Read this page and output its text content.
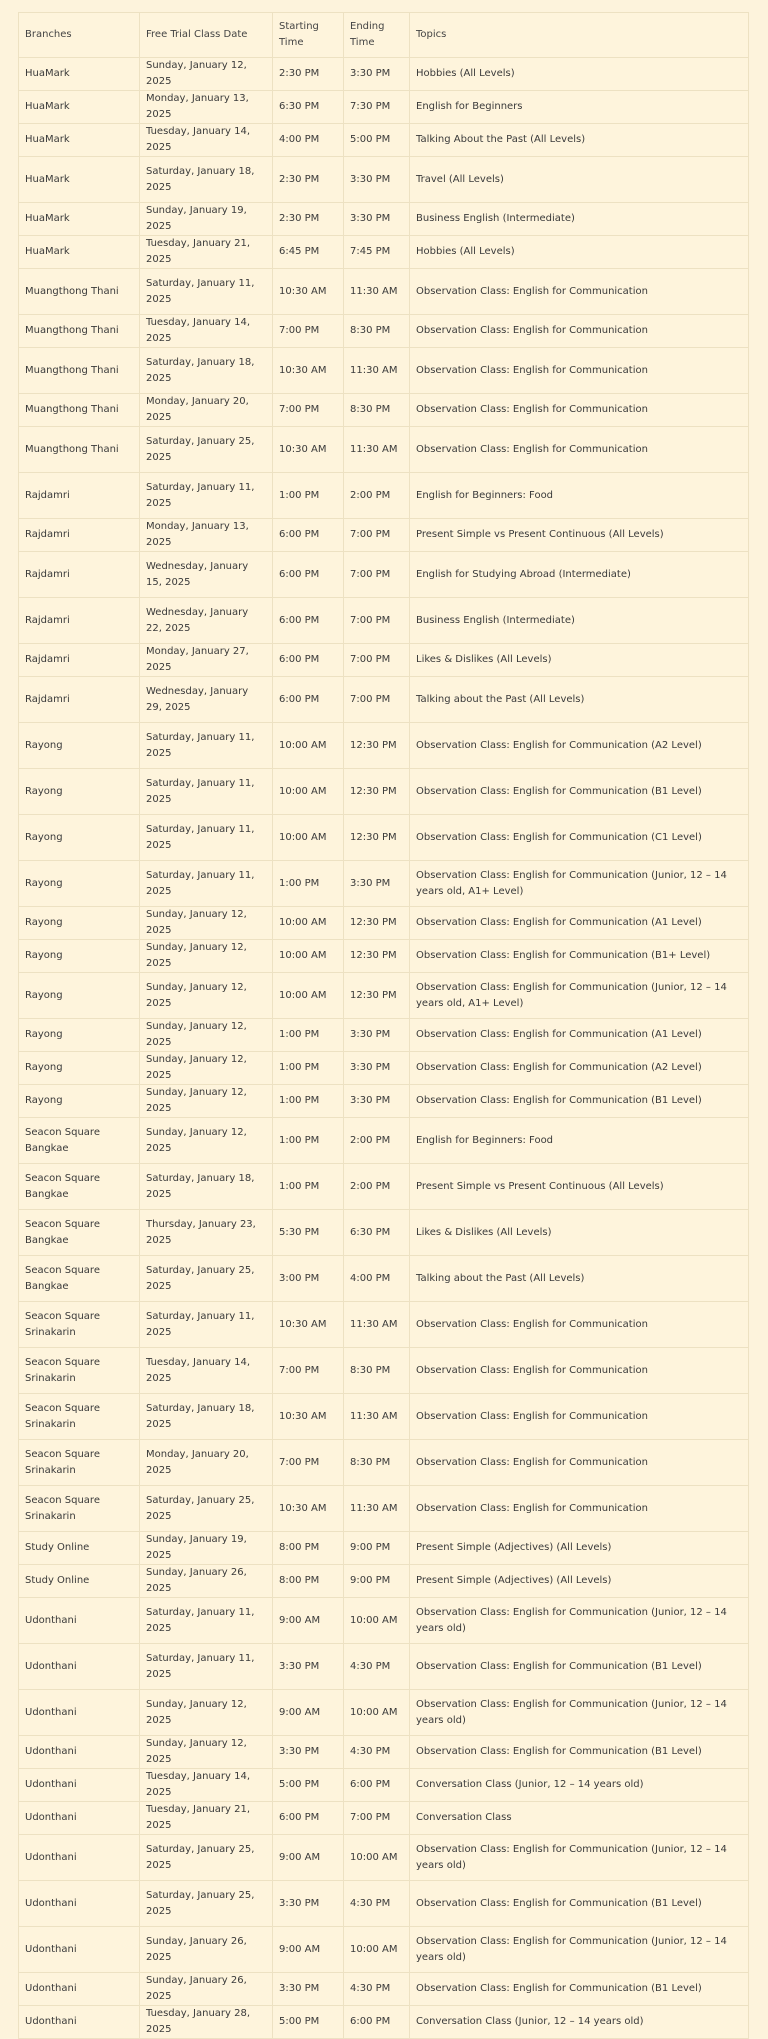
Branches	Free Trial Class Date	Starting Time	Ending Time	Topics
HuaMark	Sunday, January 12, 2025	2:30 PM	3:30 PM	Hobbies (All Levels)
HuaMark	Monday, January 13, 2025	6:30 PM	7:30 PM	English for Beginners
HuaMark	Tuesday, January 14, 2025	4:00 PM	5:00 PM	Talking About the Past (All Levels)
HuaMark	Saturday, January 18, 2025	2:30 PM	3:30 PM	Travel (All Levels)
HuaMark	Sunday, January 19, 2025	2:30 PM	3:30 PM	Business English (Intermediate)
HuaMark	Tuesday, January 21, 2025	6:45 PM	7:45 PM	Hobbies (All Levels)
Muangthong Thani	Saturday, January 11, 2025	10:30 AM	11:30 AM	Observation Class: English for Communication
Muangthong Thani	Tuesday, January 14, 2025	7:00 PM	8:30 PM	Observation Class: English for Communication
Muangthong Thani	Saturday, January 18, 2025	10:30 AM	11:30 AM	Observation Class: English for Communication
Muangthong Thani	Monday, January 20, 2025	7:00 PM	8:30 PM	Observation Class: English for Communication
Muangthong Thani	Saturday, January 25, 2025	10:30 AM	11:30 AM	Observation Class: English for Communication
Rajdamri	Saturday, January 11, 2025	1:00 PM	2:00 PM	English for Beginners: Food
Rajdamri	Monday, January 13, 2025	6:00 PM	7:00 PM	Present Simple vs Present Continuous (All Levels)
Rajdamri	Wednesday, January 15, 2025	6:00 PM	7:00 PM	English for Studying Abroad (Intermediate)
Rajdamri	Wednesday, January 22, 2025	6:00 PM	7:00 PM	Business English (Intermediate)
Rajdamri	Monday, January 27, 2025	6:00 PM	7:00 PM	Likes & Dislikes (All Levels)
Rajdamri	Wednesday, January 29, 2025	6:00 PM	7:00 PM	Talking about the Past (All Levels)
Rayong	Saturday, January 11, 2025	10:00 AM	12:30 PM	Observation Class: English for Communication (A2 Level)
Rayong	Saturday, January 11, 2025	10:00 AM	12:30 PM	Observation Class: English for Communication (B1 Level)
Rayong	Saturday, January 11, 2025	10:00 AM	12:30 PM	Observation Class: English for Communication (C1 Level)
Rayong	Saturday, January 11, 2025	1:00 PM	3:30 PM	Observation Class: English for Communication (Junior, 12 – 14 years old, A1+ Level)
Rayong	Sunday, January 12, 2025	10:00 AM	12:30 PM	Observation Class: English for Communication (A1 Level)
Rayong	Sunday, January 12, 2025	10:00 AM	12:30 PM	Observation Class: English for Communication (B1+ Level)
Rayong	Sunday, January 12, 2025	10:00 AM	12:30 PM	Observation Class: English for Communication (Junior, 12 – 14 years old, A1+ Level)
Rayong	Sunday, January 12, 2025	1:00 PM	3:30 PM	Observation Class: English for Communication (A1 Level)
Rayong	Sunday, January 12, 2025	1:00 PM	3:30 PM	Observation Class: English for Communication (A2 Level)
Rayong	Sunday, January 12, 2025	1:00 PM	3:30 PM	Observation Class: English for Communication (B1 Level)
Seacon Square Bangkae	Sunday, January 12, 2025	1:00 PM	2:00 PM	English for Beginners: Food
Seacon Square Bangkae	Saturday, January 18, 2025	1:00 PM	2:00 PM	Present Simple vs Present Continuous (All Levels)
Seacon Square Bangkae	Thursday, January 23, 2025	5:30 PM	6:30 PM	Likes & Dislikes (All Levels)
Seacon Square Bangkae	Saturday, January 25, 2025	3:00 PM	4:00 PM	Talking about the Past (All Levels)
Seacon Square Srinakarin	Saturday, January 11, 2025	10:30 AM	11:30 AM	Observation Class: English for Communication
Seacon Square Srinakarin	Tuesday, January 14, 2025	7:00 PM	8:30 PM	Observation Class: English for Communication
Seacon Square Srinakarin	Saturday, January 18, 2025	10:30 AM	11:30 AM	Observation Class: English for Communication
Seacon Square Srinakarin	Monday, January 20, 2025	7:00 PM	8:30 PM	Observation Class: English for Communication
Seacon Square Srinakarin	Saturday, January 25, 2025	10:30 AM	11:30 AM	Observation Class: English for Communication
Study Online	Sunday, January 19, 2025	8:00 PM	9:00 PM	Present Simple (Adjectives) (All Levels)
Study Online	Sunday, January 26, 2025	8:00 PM	9:00 PM	Present Simple (Adjectives) (All Levels)
Udonthani	Saturday, January 11, 2025	9:00 AM	10:00 AM	Observation Class: English for Communication (Junior, 12 – 14 years old)
Udonthani	Saturday, January 11, 2025	3:30 PM	4:30 PM	Observation Class: English for Communication (B1 Level)
Udonthani	Sunday, January 12, 2025	9:00 AM	10:00 AM	Observation Class: English for Communication (Junior, 12 – 14 years old)
Udonthani	Sunday, January 12, 2025	3:30 PM	4:30 PM	Observation Class: English for Communication (B1 Level)
Udonthani	Tuesday, January 14, 2025	5:00 PM	6:00 PM	Conversation Class (Junior, 12 – 14 years old)
Udonthani	Tuesday, January 21, 2025	6:00 PM	7:00 PM	Conversation Class
Udonthani	Saturday, January 25, 2025	9:00 AM	10:00 AM	Observation Class: English for Communication (Junior, 12 – 14 years old)
Udonthani	Saturday, January 25, 2025	3:30 PM	4:30 PM	Observation Class: English for Communication (B1 Level)
Udonthani	Sunday, January 26, 2025	9:00 AM	10:00 AM	Observation Class: English for Communication (Junior, 12 – 14 years old)
Udonthani	Sunday, January 26, 2025	3:30 PM	4:30 PM	Observation Class: English for Communication (B1 Level)
Udonthani	Tuesday, January 28, 2025	5:00 PM	6:00 PM	Conversation Class (Junior, 12 – 14 years old)
